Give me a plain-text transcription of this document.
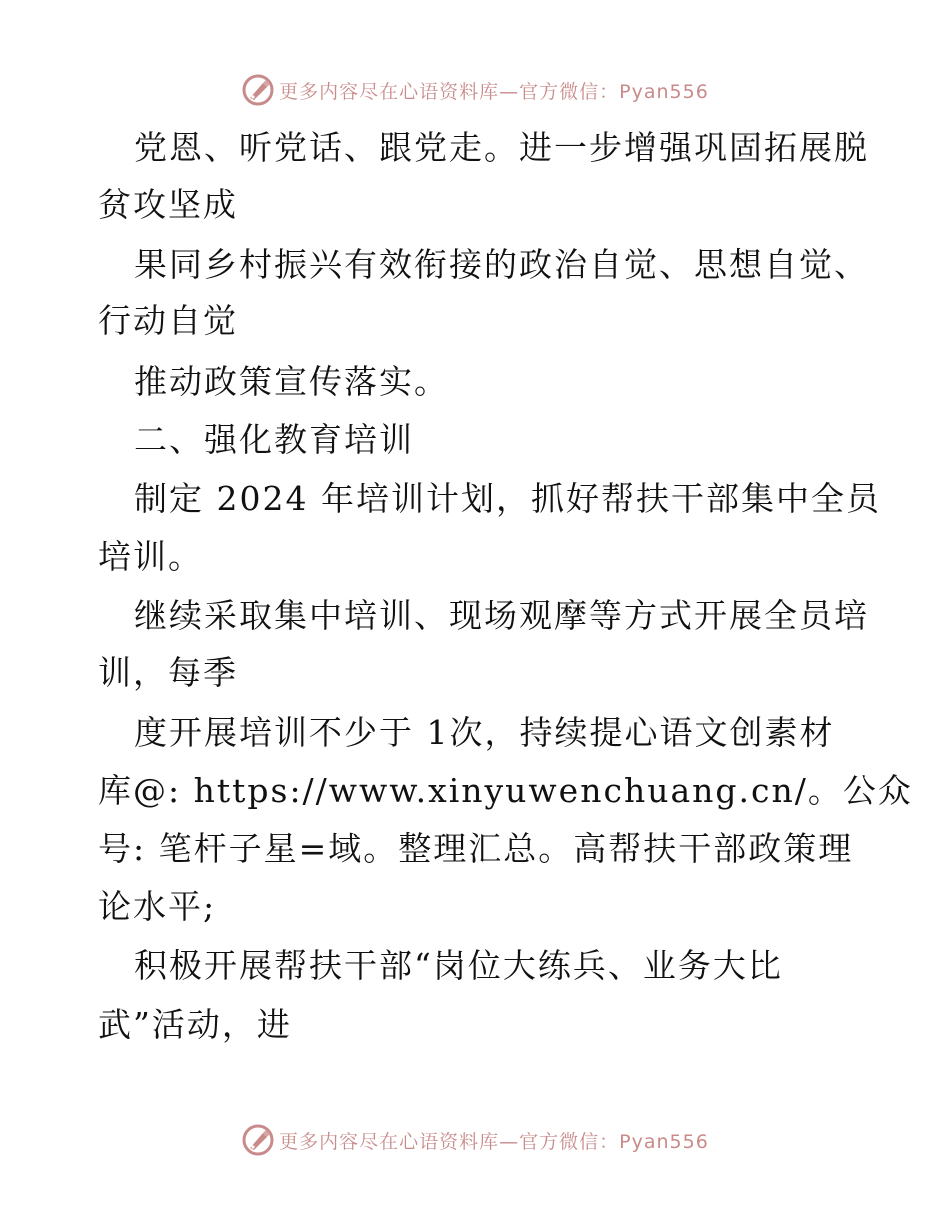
更多内容尽在心语资料库—官方微信：Pyan556
党恩、听党话、跟党走。进一步增强巩固拓展脱
贫攻坚成
果同乡村振兴有效衔接的政治自觉、思想自觉、
行动自觉
推动政策宣传落实。
二、强化教育培训
制定 2024 年培训计划，抓好帮扶干部集中全员
培训。
继续采取集中培训、现场观摩等方式开展全员培
训，每季
度开展培训不少于 1次，持续提心语文创素材
库@: https://www.xinyuwenchuang.cn/。公众
号: 笔杆子星=域。整理汇总。高帮扶干部政策理
论水平;
积极开展帮扶干部“岗位大练兵、业务大比
武”活动，进
更多内容尽在心语资料库—官方微信：Pyan556
